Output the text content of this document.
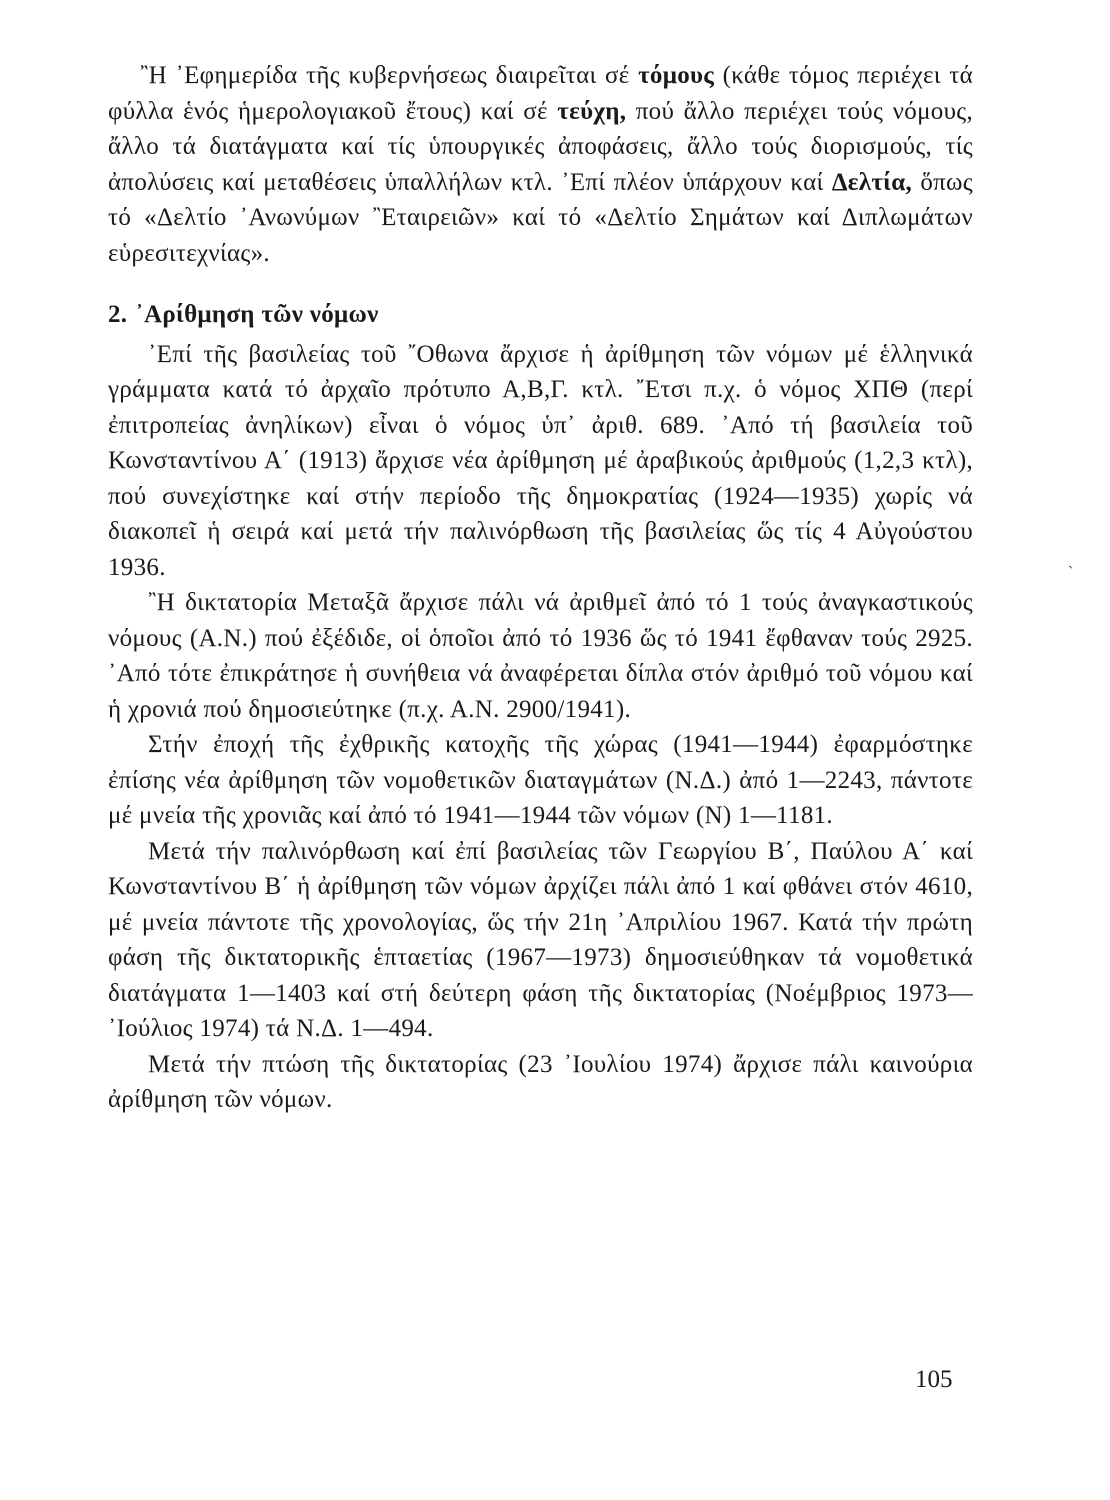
῍Η ᾿Εφημερίδα τῆς κυβερνήσεως διαιρεῖται σέ τόμους (κάθε τόμος περιέχει τά φύλλα ἑνός ἡμερολογιακοῦ ἔτους) καί σέ τεύχη, πού ἄλλο περιέχει τούς νόμους, ἄλλο τά διατάγματα καί τίς ὑπουργικές ἀποφάσεις, ἄλλο τούς διορισμούς, τίς ἀπολύσεις καί μεταθέσεις ὑπαλλήλων κτλ. ᾿Επί πλέον ὑπάρχουν καί Δελτία, ὅπως τό «Δελτίο ᾿Ανωνύμων ῍Εταιρειῶν» καί τό «Δελτίο Σημάτων καί Διπλωμάτων εὑρεσιτεχνίας».

2. ᾿Αρίθμηση τῶν νόμων

᾿Επί τῆς βασιλείας τοῦ ῎Οθωνα ἄρχισε ἡ ἀρίθμηση τῶν νόμων μέ ἑλληνικά γράμματα κατά τό ἀρχαῖο πρότυπο Α,Β,Γ. κτλ. ῎Ετσι π.χ. ὁ νόμος ΧΠΘ (περί ἐπιτροπείας ἀνηλίκων) εἶναι ὁ νόμος ὑπ᾿ ἀριθ. 689. ᾿Από τή βασιλεία τοῦ Κωνσταντίνου Α΄ (1913) ἄρχισε νέα ἀρίθμηση μέ ἀραβικούς ἀριθμούς (1,2,3 κτλ), πού συνεχίστηκε καί στήν περίοδο τῆς δημοκρατίας (1924—1935) χωρίς νά διακοπεῖ ἡ σειρά καί μετά τήν παλινόρθωση τῆς βασιλείας ὥς τίς 4 Αὐγούστου 1936.

῍Η δικτατορία Μεταξᾶ ἄρχισε πάλι νά ἀριθμεῖ ἀπό τό 1 τούς ἀναγκαστικούς νόμους (Α.Ν.) πού ἐξέδιδε, οἱ ὁποῖοι ἀπό τό 1936 ὥς τό 1941 ἔφθαναν τούς 2925. ᾿Από τότε ἐπικράτησε ἡ συνήθεια νά ἀναφέρεται δίπλα στόν ἀριθμό τοῦ νόμου καί ἡ χρονιά πού δημοσιεύτηκε (π.χ. Α.Ν. 2900/1941).

Στήν ἐποχή τῆς ἐχθρικῆς κατοχῆς τῆς χώρας (1941—1944) ἐφαρμόστηκε ἐπίσης νέα ἀρίθμηση τῶν νομοθετικῶν διαταγμάτων (Ν.Δ.) ἀπό 1—2243, πάντοτε μέ μνεία τῆς χρονιᾶς καί ἀπό τό 1941—1944 τῶν νόμων (Ν) 1—1181.

Μετά τήν παλινόρθωση καί ἐπί βασιλείας τῶν Γεωργίου Β΄, Παύλου Α΄ καί Κωνσταντίνου Β΄ ἡ ἀρίθμηση τῶν νόμων ἀρχίζει πάλι ἀπό 1 καί φθάνει στόν 4610, μέ μνεία πάντοτε τῆς χρονολογίας, ὥς τήν 21η ᾿Απριλίου 1967. Κατά τήν πρώτη φάση τῆς δικτατορικῆς ἑπταετίας (1967—1973) δημοσιεύθηκαν τά νομοθετικά διατάγματα 1—1403 καί στή δεύτερη φάση τῆς δικτατορίας (Νοέμβριος 1973—᾿Ιούλιος 1974) τά Ν.Δ. 1—494.

Μετά τήν πτώση τῆς δικτατορίας (23 ᾿Ιουλίου 1974) ἄρχισε πάλι καινούρια ἀρίθμηση τῶν νόμων.

ˏ
105
